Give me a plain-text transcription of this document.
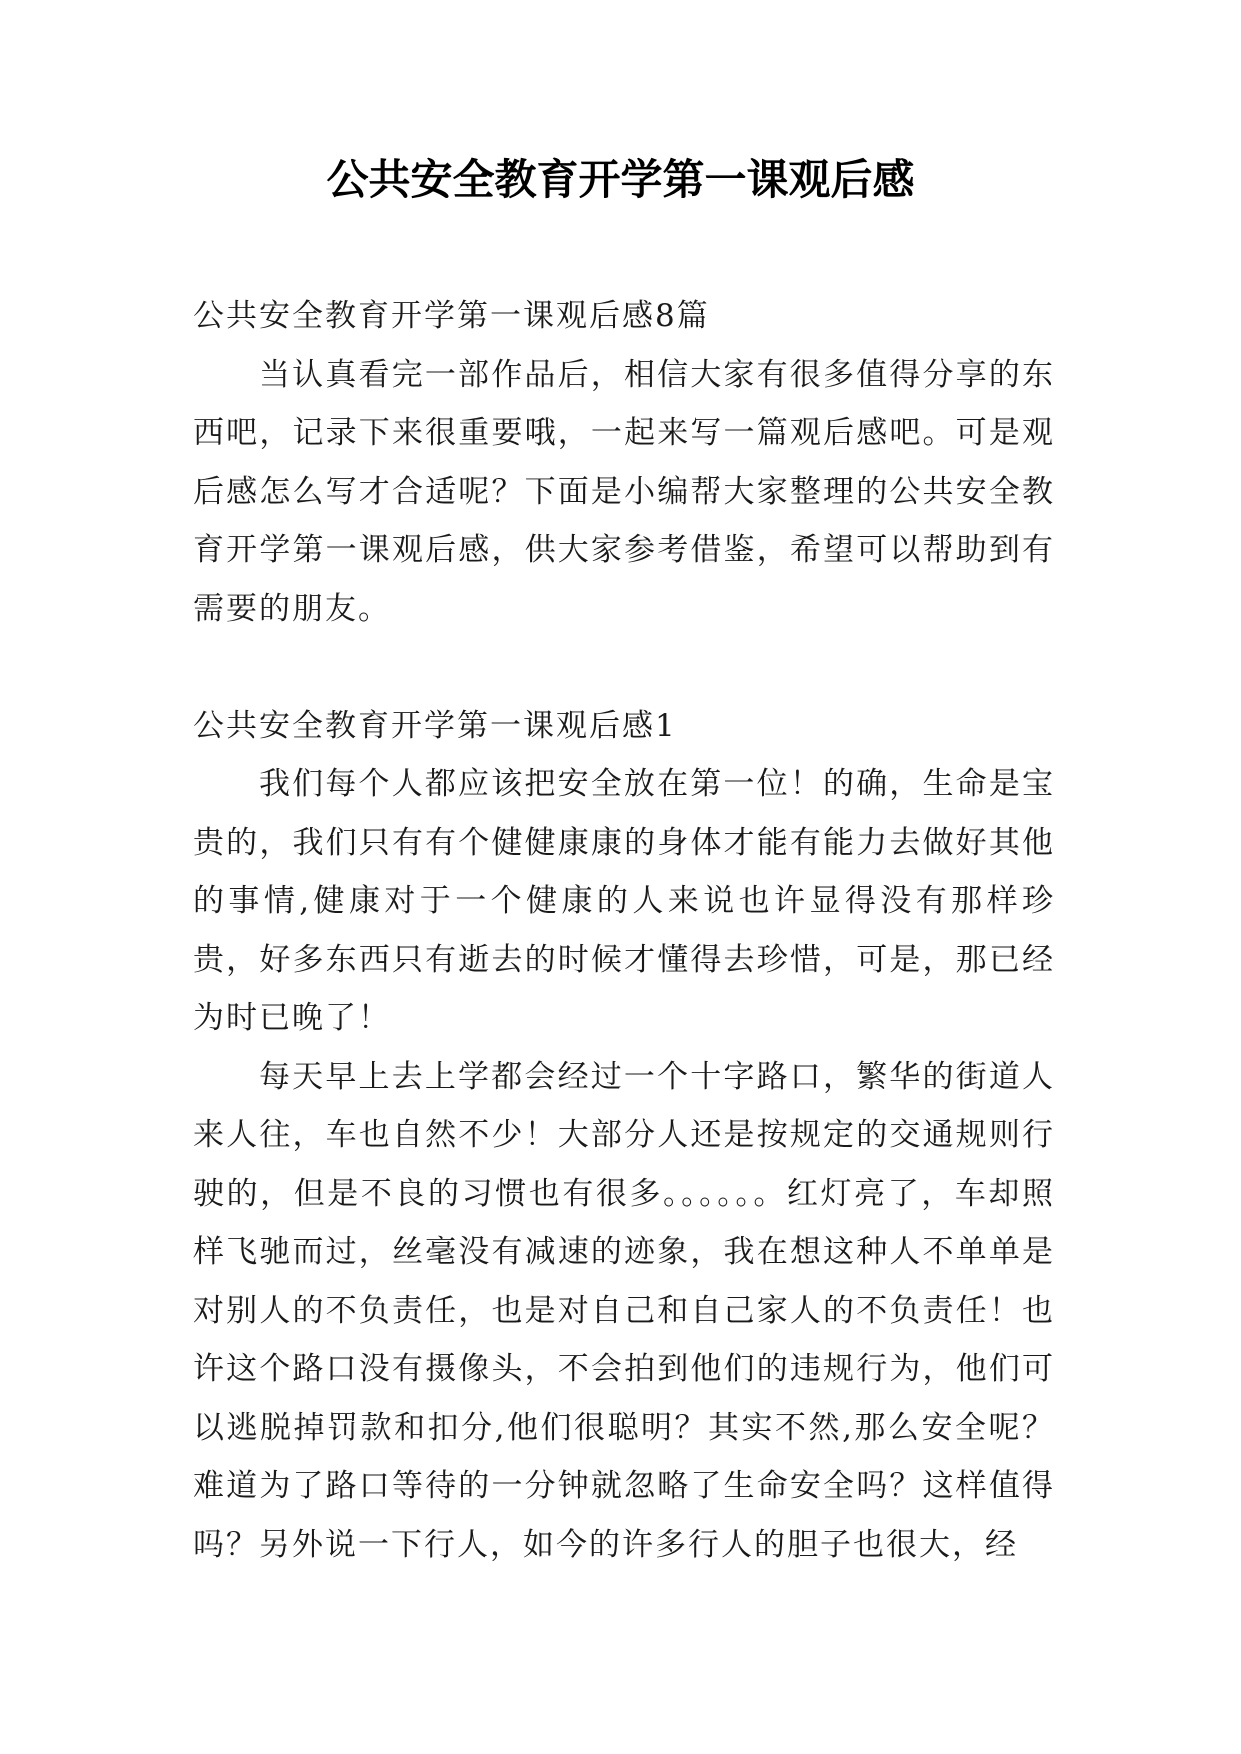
公共安全教育开学第一课观后感

公共安全教育开学第一课观后感8篇

当认真看完一部作品后，相信大家有很多值得分享的东西吧，记录下来很重要哦，一起来写一篇观后感吧。可是观后感怎么写才合适呢？下面是小编帮大家整理的公共安全教育开学第一课观后感，供大家参考借鉴，希望可以帮助到有需要的朋友。

公共安全教育开学第一课观后感1

我们每个人都应该把安全放在第一位！的确，生命是宝贵的，我们只有有个健健康康的身体才能有能力去做好其他的事情,健康对于一个健康的人来说也许显得没有那样珍贵，好多东西只有逝去的时候才懂得去珍惜，可是，那已经为时已晚了！

每天早上去上学都会经过一个十字路口，繁华的街道人来人往，车也自然不少！大部分人还是按规定的交通规则行驶的，但是不良的习惯也有很多。。。。。。红灯亮了，车却照样飞驰而过，丝毫没有减速的迹象，我在想这种人不单单是对别人的不负责任，也是对自己和自己家人的不负责任！也许这个路口没有摄像头，不会拍到他们的违规行为，他们可以逃脱掉罚款和扣分,他们很聪明？其实不然,那么安全呢？难道为了路口等待的一分钟就忽略了生命安全吗？这样值得吗？另外说一下行人，如今的许多行人的胆子也很大，经
